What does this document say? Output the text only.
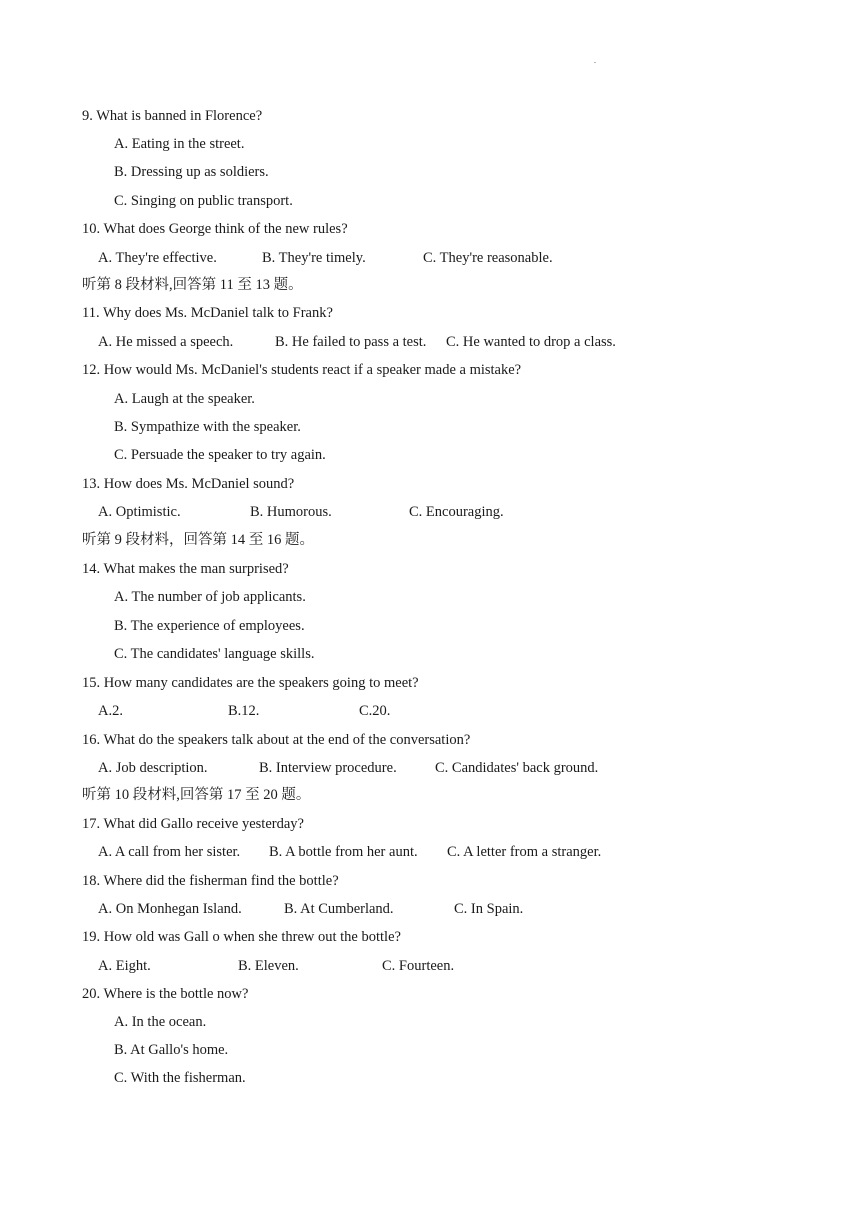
.
9. What is banned in Florence?
A. Eating in the street.
B. Dressing up as soldiers.
C. Singing on public transport.
10. What does George think of the new rules?
A. They're effective.	B. They're timely.	C. They're reasonable.
听第 8 段材料,回答第 11 至 13 题。
11. Why does Ms. McDaniel talk to Frank?
A. He missed a speech.	B. He failed to pass a test. C. He wanted to drop a class.
12. How would Ms. McDaniel's students react if a speaker made a mistake?
A. Laugh at the speaker.
B. Sympathize with the speaker.
C. Persuade the speaker to try again.
13. How does Ms. McDaniel sound?
A. Optimistic.	B. Humorous.	C. Encouraging.
听第 9 段材料，回答第 14 至 16 题。
14. What makes the man surprised?
A. The number of job applicants.
B. The experience of employees.
C. The candidates' language skills.
15. How many candidates are the speakers going to meet?
A.2.	B.12.	C.20.
16. What do the speakers talk about at the end of the conversation?
A. Job description.	B. Interview procedure.	C. Candidates' back ground.
听第 10 段材料,回答第 17 至 20 题。
17. What did Gallo receive yesterday?
A. A call from her sister. B. A bottle from her aunt. C. A letter from a stranger.
18. Where did the fisherman find the bottle?
A. On Monhegan Island.	B. At Cumberland.	C. In Spain.
19. How old was Gall o when she threw out the bottle?
A. Eight.	B. Eleven.	C. Fourteen.
20. Where is the bottle now?
A. In the ocean.
B. At Gallo's home.
C. With the fisherman.
